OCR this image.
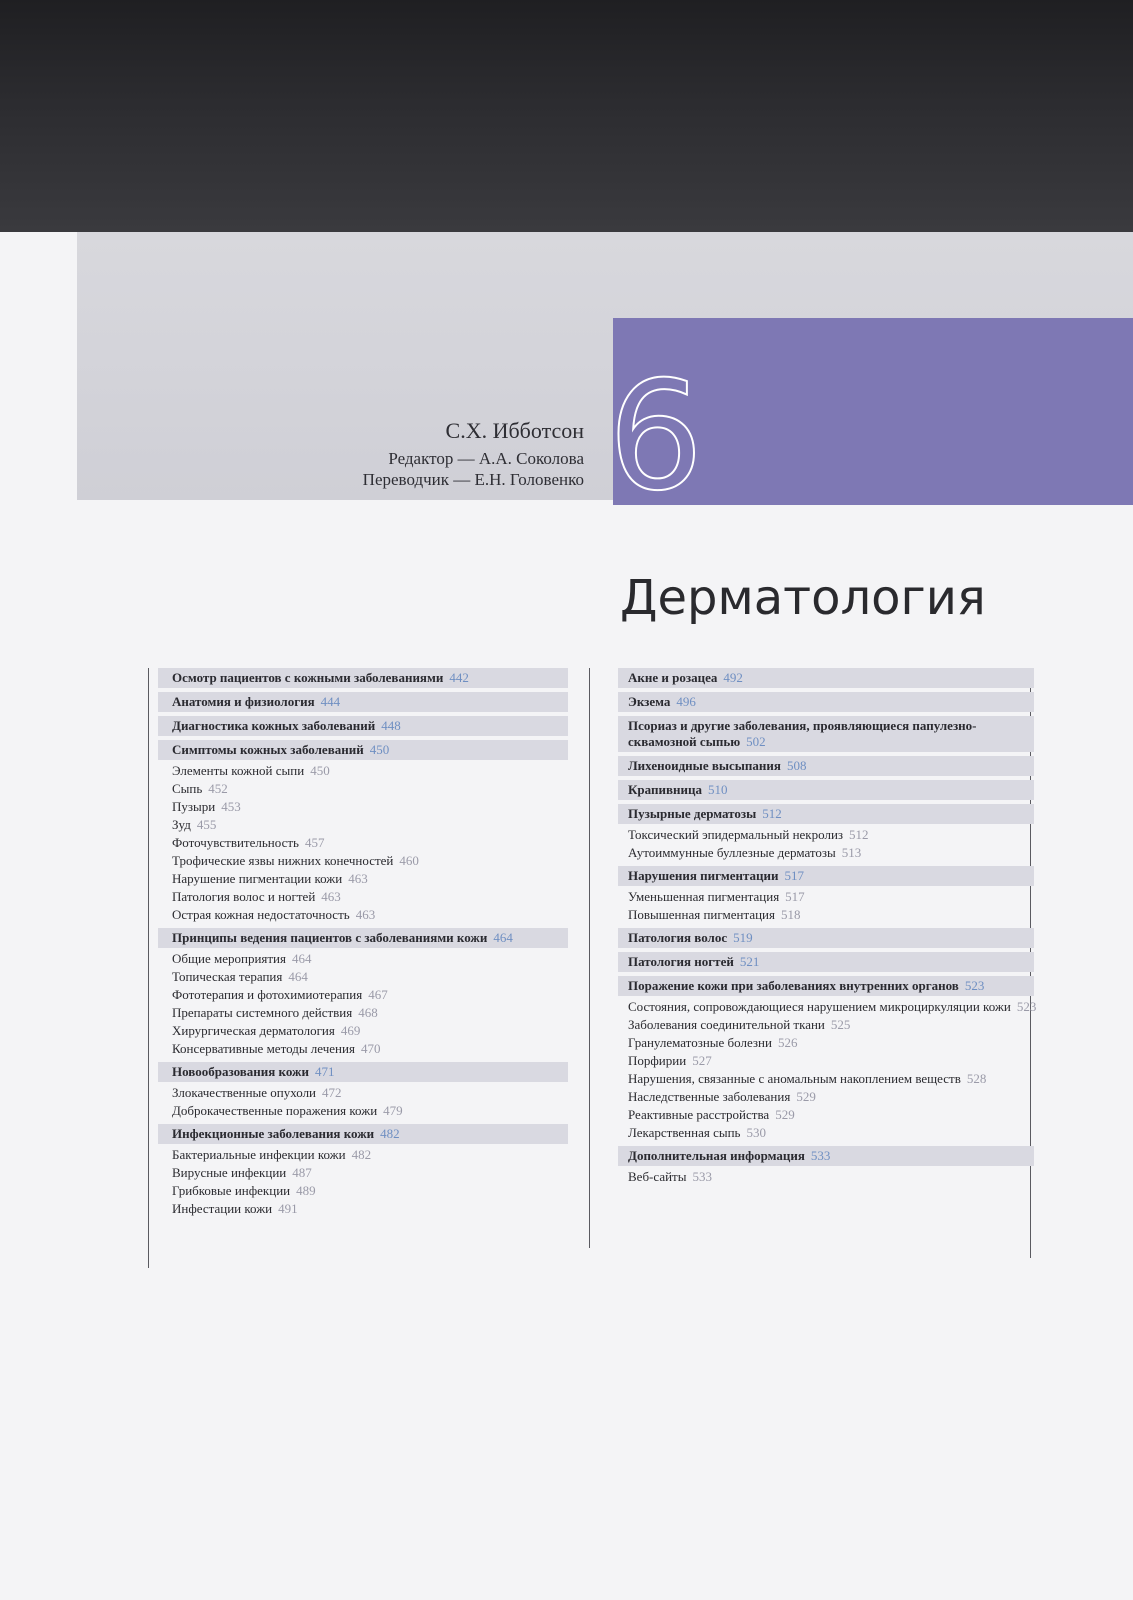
6
С.Х. Ибботсон
Редактор — А.А. Соколова
Переводчик — Е.Н. Головенко
Дерматология
Осмотр пациентов с кожными заболеваниями 442
Анатомия и физиология 444
Диагностика кожных заболеваний 448
Симптомы кожных заболеваний 450
Элементы кожной сыпи 450
Сыпь 452
Пузыри 453
Зуд 455
Фоточувствительность 457
Трофические язвы нижних конечностей 460
Нарушение пигментации кожи 463
Патология волос и ногтей 463
Острая кожная недостаточность 463
Принципы ведения пациентов с заболеваниями кожи 464
Общие мероприятия 464
Топическая терапия 464
Фототерапия и фотохимиотерапия 467
Препараты системного действия 468
Хирургическая дерматология 469
Консервативные методы лечения 470
Новообразования кожи 471
Злокачественные опухоли 472
Доброкачественные поражения кожи 479
Инфекционные заболевания кожи 482
Бактериальные инфекции кожи 482
Вирусные инфекции 487
Грибковые инфекции 489
Инфестации кожи 491
Акне и розацеа 492
Экзема 496
Псориаз и другие заболевания, проявляющиеся папулезно-сквамозной сыпью 502
Лихеноидные высыпания 508
Крапивница 510
Пузырные дерматозы 512
Токсический эпидермальный некролиз 512
Аутоиммунные буллезные дерматозы 513
Нарушения пигментации 517
Уменьшенная пигментация 517
Повышенная пигментация 518
Патология волос 519
Патология ногтей 521
Поражение кожи при заболеваниях внутренних органов 523
Состояния, сопровождающиеся нарушением микроциркуляции кожи 523
Заболевания соединительной ткани 525
Гранулематозные болезни 526
Порфирии 527
Нарушения, связанные с аномальным накоплением веществ 528
Наследственные заболевания 529
Реактивные расстройства 529
Лекарственная сыпь 530
Дополнительная информация 533
Веб-сайты 533
